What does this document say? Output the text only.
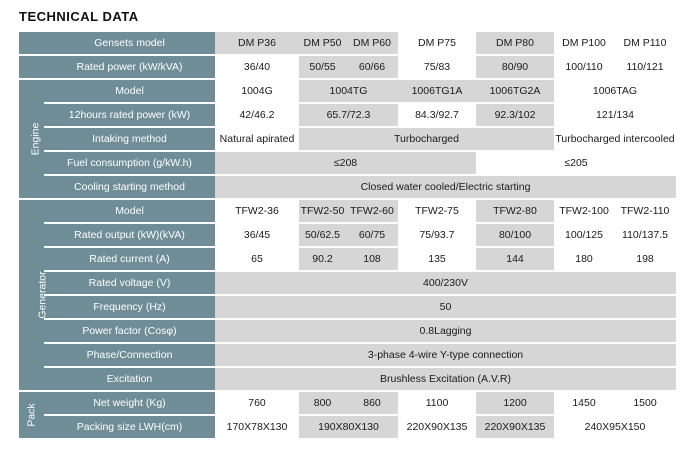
TECHNICAL DATA
	Gensets model	DM P36	DM P50	DM P60	DM P75	DM P80	DM P100	DM P110
	Rated power (kW/kVA)	36/40	50/55	60/66	75/83	80/90	100/110	110/121
Engine	Model	1004G	1004TG		1006TG1A	1006TG2A	1006TAG	
	12hours rated power (kW)	42/46.2	65.7/72.3		84.3/92.7	92.3/102	121/134	
	Intaking method	Natural apirated	Turbocharged				Turbocharged intercooled	
	Fuel consumption (g/kW.h)	≤208				≤205		
	Cooling starting method	Closed water cooled/Electric starting						
Generator	Model	TFW2-36	TFW2-50	TFW2-60	TFW2-75	TFW2-80	TFW2-100	TFW2-110
	Rated output (kW)(kVA)	36/45	50/62.5	60/75	75/93.7	80/100	100/125	110/137.5
	Rated current (A)	65	90.2	108	135	144	180	198
	Rated voltage (V)	400/230V						
	Frequency (Hz)	50						
	Power factor (Cosφ)	0.8Lagging						
	Phase/Connection	3-phase 4-wire Y-type connection						
	Excitation	Brushless Excitation (A.V.R)						
Pack	Net weight (Kg)	760	800	860	1100	1200	1450	1500
	Packing size LWH(cm)	170X78X130	190X80X130		220X90X135	220X90X135	240X95X150	
